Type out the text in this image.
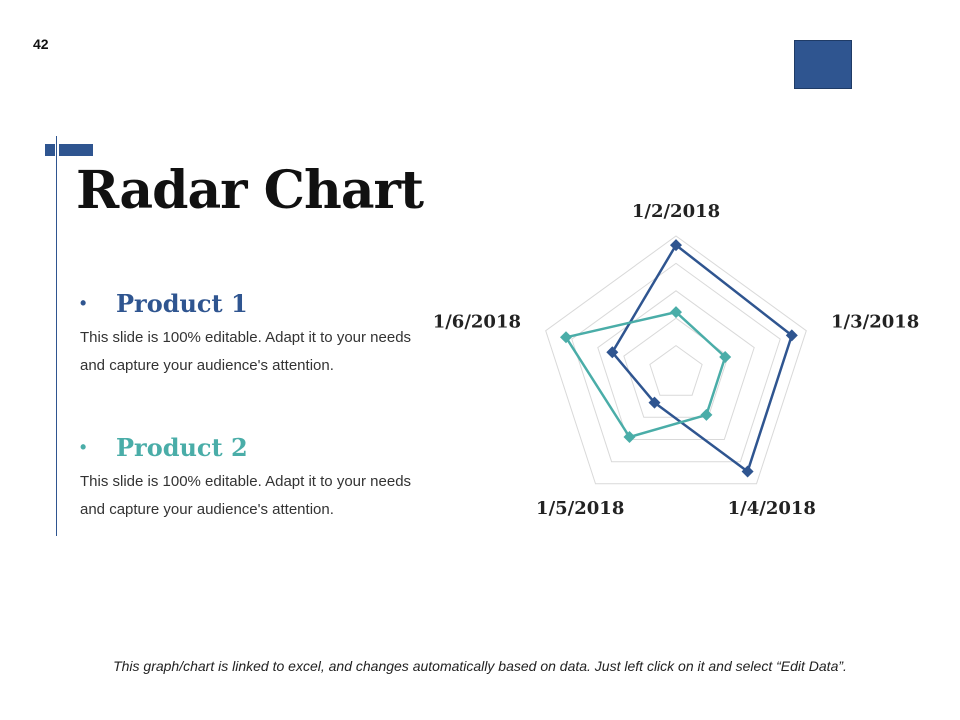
42
Radar Chart
•	Product 1
This slide is 100% editable. Adapt it to your needs and capture your audience's attention.
•	Product 2
This slide is 100% editable. Adapt it to your needs and capture your audience's attention.
1/2/2018
1/3/2018
1/4/2018
1/5/2018
1/6/2018
This graph/chart is linked to excel, and changes automatically based on data. Just left click on it and select “Edit Data”.
